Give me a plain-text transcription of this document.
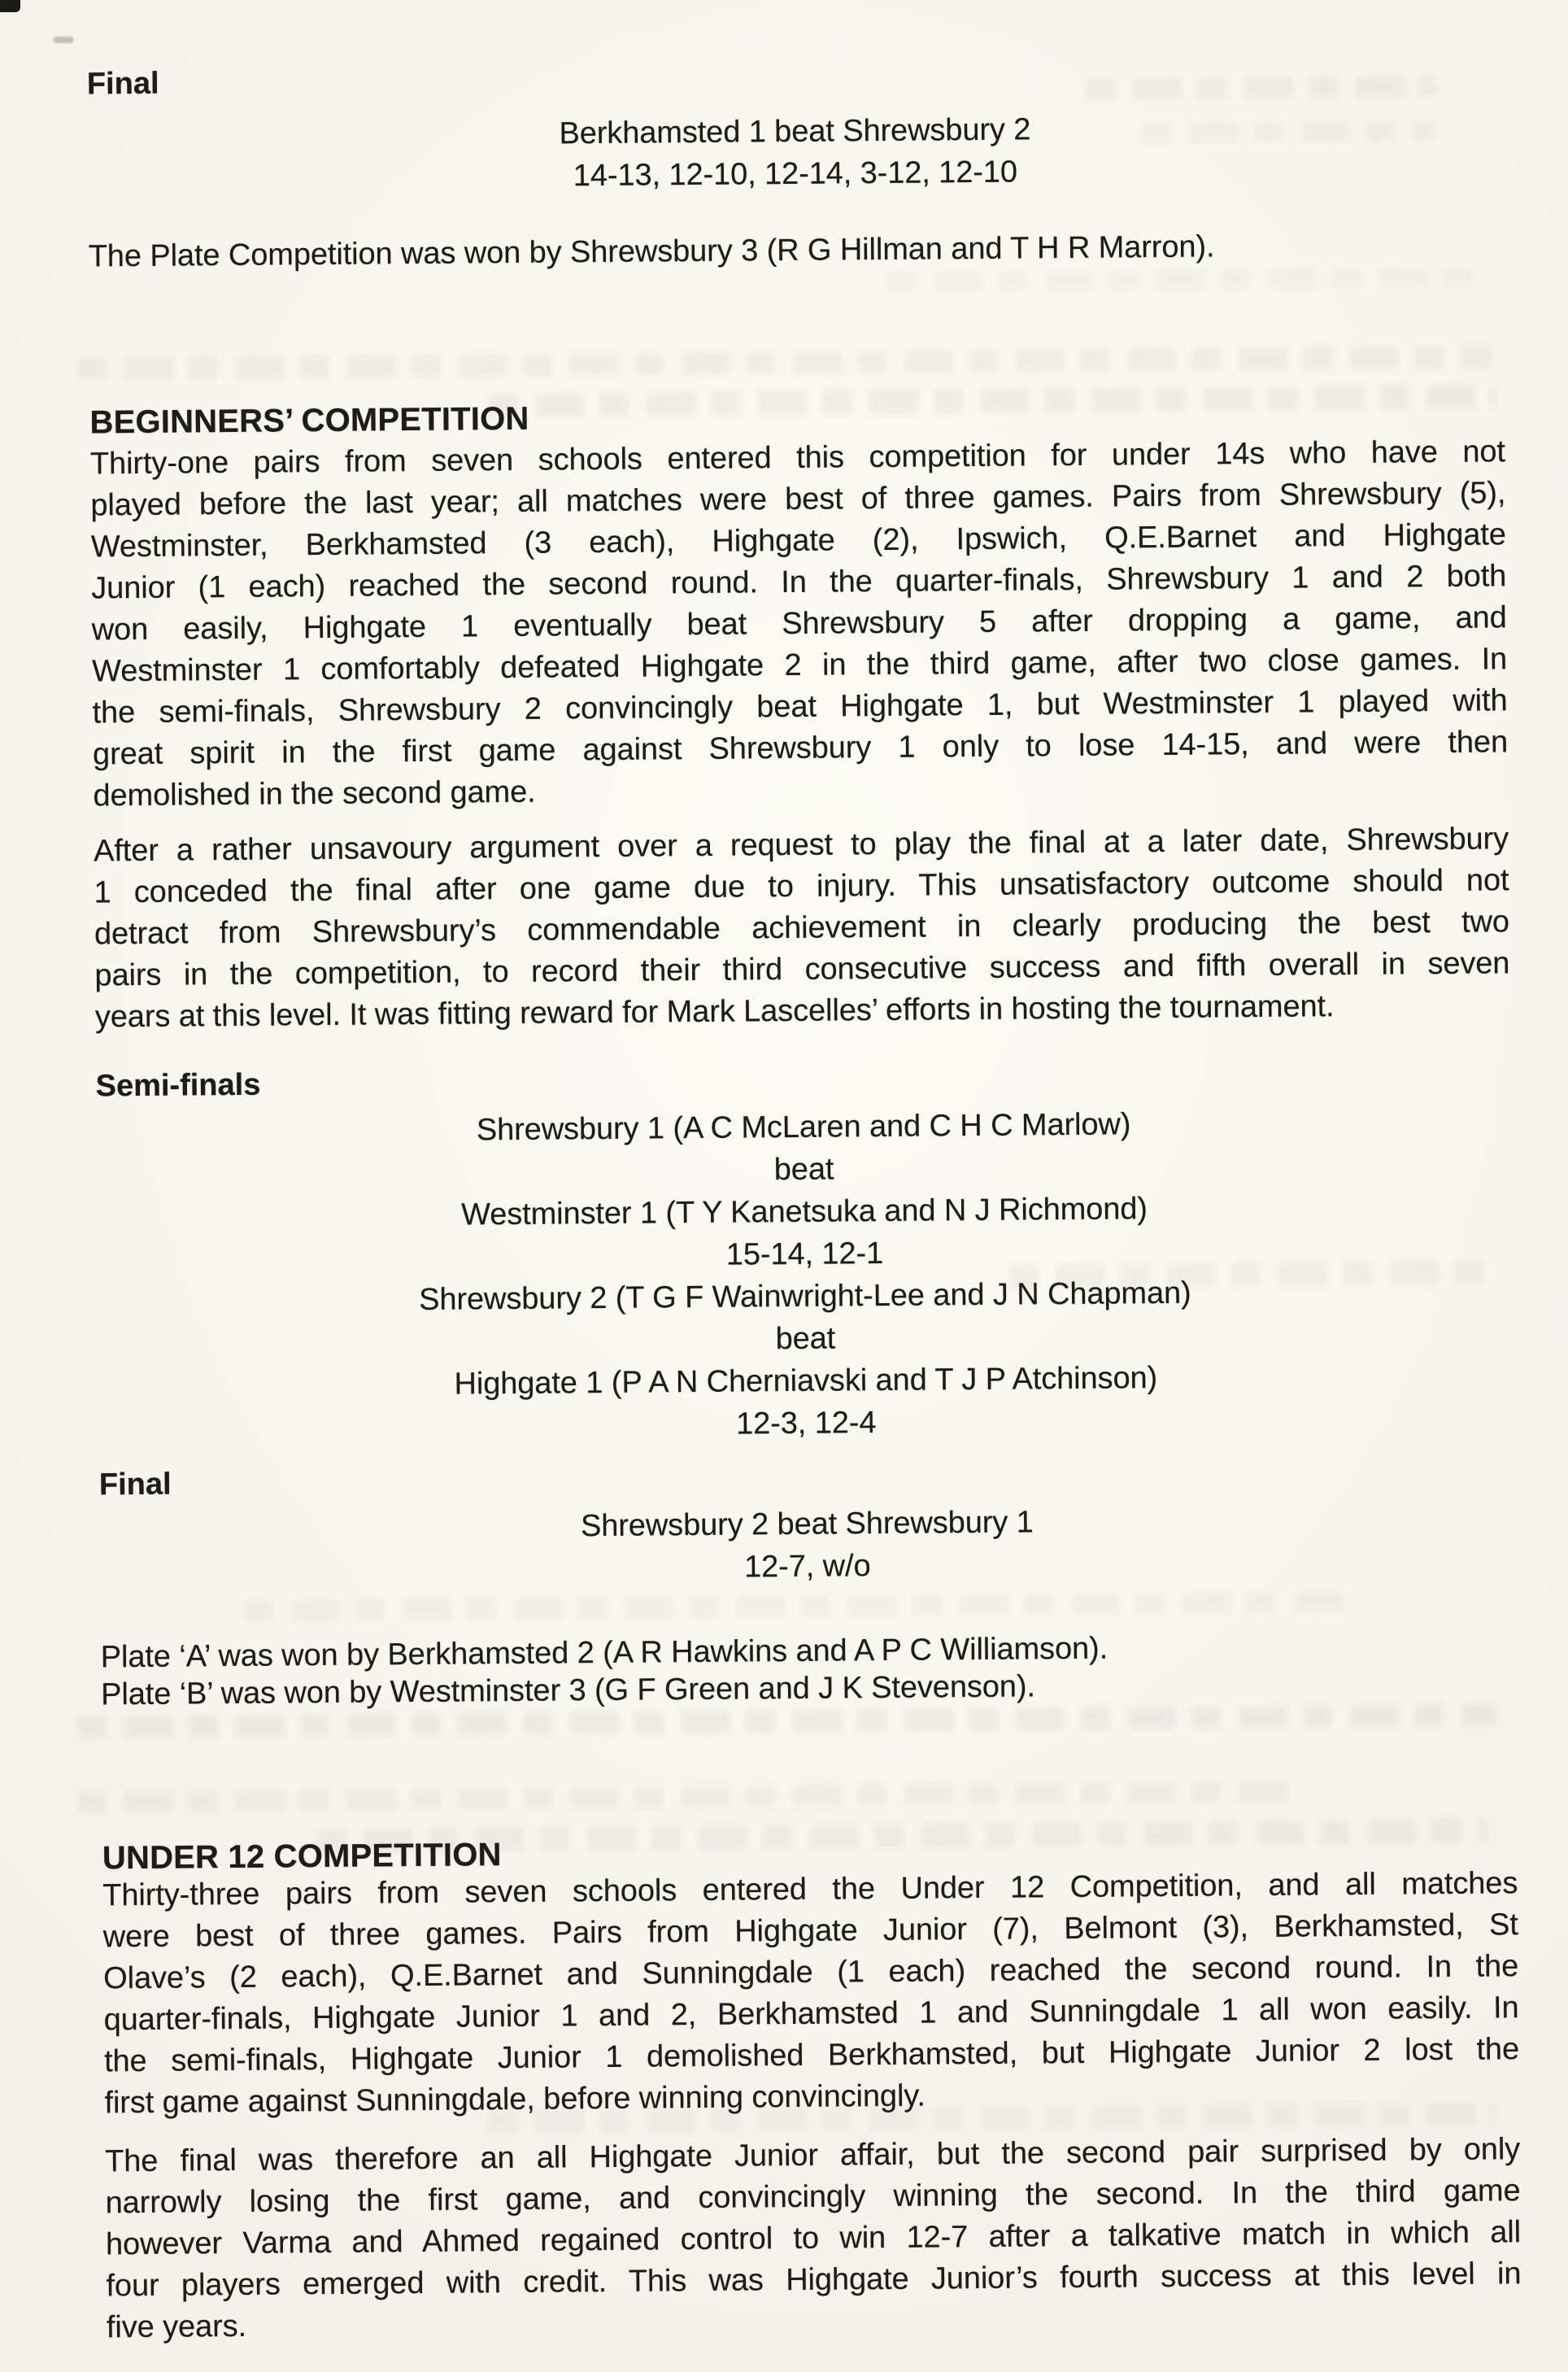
Final
Berkhamsted 1 beat Shrewsbury 2
14-13, 12-10, 12-14, 3-12, 12-10
The Plate Competition was won by Shrewsbury 3 (R G Hillman and T H R Marron).
BEGINNERS’ COMPETITION
Thirty-one pairs from seven schools entered this competition for under 14s who have not
played before the last year; all matches were best of three games. Pairs from Shrewsbury (5),
Westminster, Berkhamsted (3 each), Highgate (2), Ipswich, Q.E.Barnet and Highgate
Junior (1 each) reached the second round. In the quarter-finals, Shrewsbury 1 and 2 both
won easily, Highgate 1 eventually beat Shrewsbury 5 after dropping a game, and
Westminster 1 comfortably defeated Highgate 2 in the third game, after two close games. In
the semi-finals, Shrewsbury 2 convincingly beat Highgate 1, but Westminster 1 played with
great spirit in the first game against Shrewsbury 1 only to lose 14-15, and were then
demolished in the second game.
After a rather unsavoury argument over a request to play the final at a later date, Shrewsbury
1 conceded the final after one game due to injury. This unsatisfactory outcome should not
detract from Shrewsbury’s commendable achievement in clearly producing the best two
pairs in the competition, to record their third consecutive success and fifth overall in seven
years at this level. It was fitting reward for Mark Lascelles’ efforts in hosting the tournament.
Semi-finals
Shrewsbury 1 (A C McLaren and C H C Marlow)
beat
Westminster 1 (T Y Kanetsuka and N J Richmond)
15-14, 12-1
Shrewsbury 2 (T G F Wainwright-Lee and J N Chapman)
beat
Highgate 1 (P A N Cherniavski and T J P Atchinson)
12-3, 12-4
Final
Shrewsbury 2 beat Shrewsbury 1
12-7, w/o
Plate ‘A’ was won by Berkhamsted 2 (A R Hawkins and A P C Williamson).
Plate ‘B’ was won by Westminster 3 (G F Green and J K Stevenson).
UNDER 12 COMPETITION
Thirty-three pairs from seven schools entered the Under 12 Competition, and all matches
were best of three games. Pairs from Highgate Junior (7), Belmont (3), Berkhamsted, St
Olave’s (2 each), Q.E.Barnet and Sunningdale (1 each) reached the second round. In the
quarter-finals, Highgate Junior 1 and 2, Berkhamsted 1 and Sunningdale 1 all won easily. In
the semi-finals, Highgate Junior 1 demolished Berkhamsted, but Highgate Junior 2 lost the
first game against Sunningdale, before winning convincingly.
The final was therefore an all Highgate Junior affair, but the second pair surprised by only
narrowly losing the first game, and convincingly winning the second. In the third game
however Varma and Ahmed regained control to win 12-7 after a talkative match in which all
four players emerged with credit. This was Highgate Junior’s fourth success at this level in
five years.
